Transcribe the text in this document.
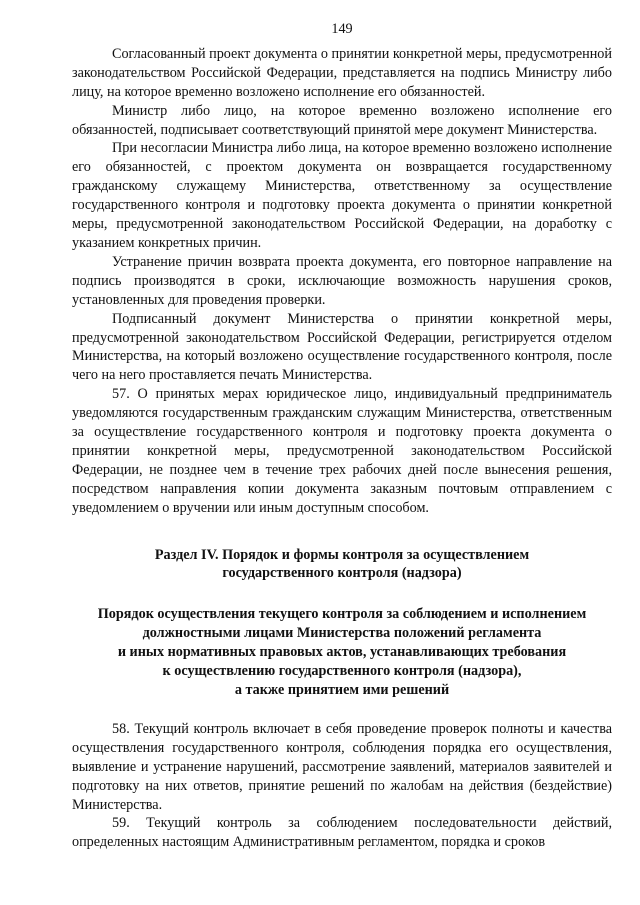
149

Согласованный проект документа о принятии конкретной меры, предусмотренной законодательством Российской Федерации, представляется на подпись Министру либо лицу, на которое временно возложено исполнение его обязанностей.

Министр либо лицо, на которое временно возложено исполнение его обязанностей, подписывает соответствующий принятой мере документ Министерства.

При несогласии Министра либо лица, на которое временно возложено исполнение его обязанностей, с проектом документа он возвращается государственному гражданскому служащему Министерства, ответственному за осуществление государственного контроля и подготовку проекта документа о принятии конкретной меры, предусмотренной законодательством Российской Федерации, на доработку с указанием конкретных причин.

Устранение причин возврата проекта документа, его повторное направление на подпись производятся в сроки, исключающие возможность нарушения сроков, установленных для проведения проверки.

Подписанный документ Министерства о принятии конкретной меры, предусмотренной законодательством Российской Федерации, регистрируется отделом Министерства, на который возложено осуществление государственного контроля, после чего на него проставляется печать Министерства.

57. О принятых мерах юридическое лицо, индивидуальный предприниматель уведомляются государственным гражданским служащим Министерства, ответственным за осуществление государственного контроля и подготовку проекта документа о принятии конкретной меры, предусмотренной законодательством Российской Федерации, не позднее чем в течение трех рабочих дней после вынесения решения, посредством направления копии документа заказным почтовым отправлением с уведомлением о вручении или иным доступным способом.

Раздел IV. Порядок и формы контроля за осуществлением
государственного контроля (надзора)
Порядок осуществления текущего контроля за соблюдением и исполнением
должностными лицами Министерства положений регламента
и иных нормативных правовых актов, устанавливающих требования
к осуществлению государственного контроля (надзора),
а также принятием ими решений

58. Текущий контроль включает в себя проведение проверок полноты и качества осуществления государственного контроля, соблюдения порядка его осуществления, выявление и устранение нарушений, рассмотрение заявлений, материалов заявителей и подготовку на них ответов, принятие решений по жалобам на действия (бездействие) Министерства.

59. Текущий контроль за соблюдением последовательности действий, определенных настоящим Административным регламентом, порядка и сроков
